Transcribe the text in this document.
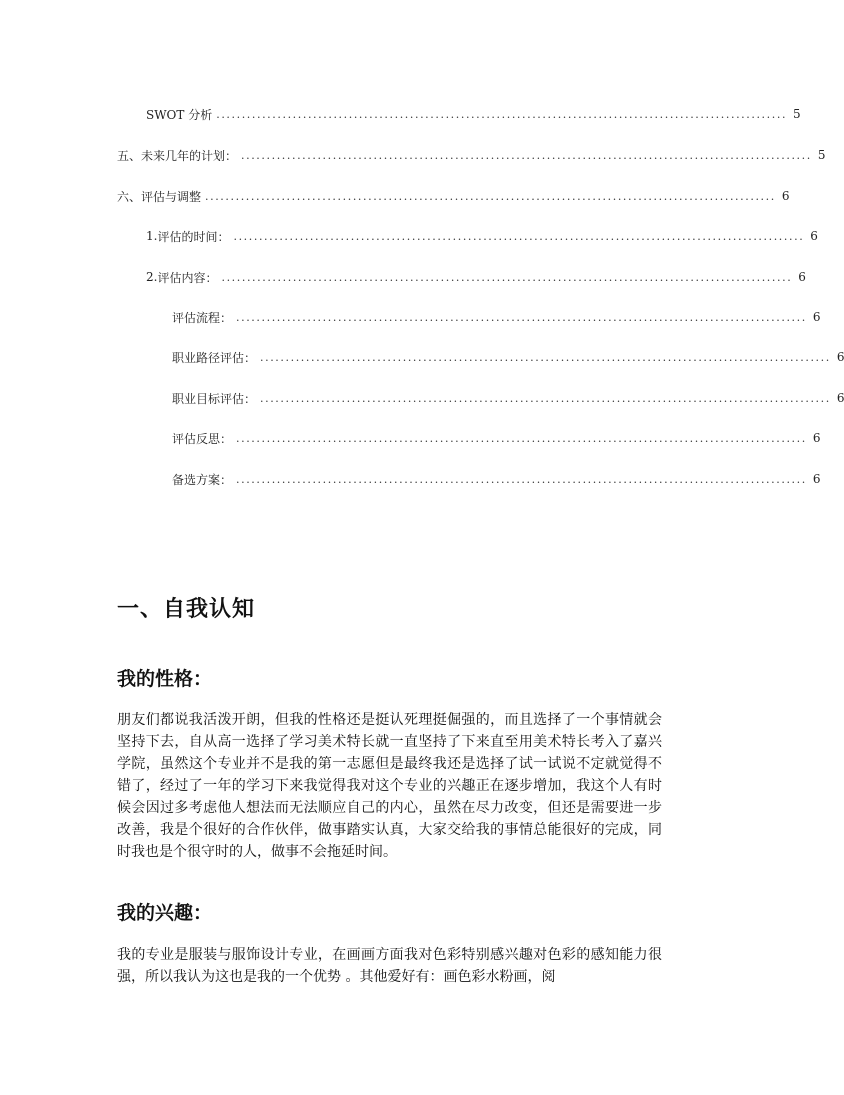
SWOT 分析 ................................................................................................................ 5
五、未来几年的计划： ................................................................................................................ 5
六、评估与调整 ................................................................................................................ 6
1. 评估的时间： ................................................................................................................ 6
2. 评估内容： ................................................................................................................ 6
评估流程： ................................................................................................................ 6
职业路径评估： ................................................................................................................ 6
职业目标评估： ................................................................................................................ 6
评估反思： ................................................................................................................ 6
备选方案： ................................................................................................................ 6
一、自我认知
我的性格：

朋友们都说我活泼开朗，但我的性格还是挺认死理挺倔强的，而且选择了一个事情就会坚持下去，自从高一选择了学习美术特长就一直坚持了下来直至用美术特长考入了嘉兴学院，虽然这个专业并不是我的第一志愿但是最终我还是选择了试一试说不定就觉得不错了，经过了一年的学习下来我觉得我对这个专业的兴趣正在逐步增加，我这个人有时候会因过多考虑他人想法而无法顺应自己的内心，虽然在尽力改变，但还是需要进一步改善，我是个很好的合作伙伴，做事踏实认真，大家交给我的事情总能很好的完成，同时我也是个很守时的人，做事不会拖延时间。

我的兴趣：

我的专业是服装与服饰设计专业，在画画方面我对色彩特别感兴趣对色彩的感知能力很强，所以我认为这也是我的一个优势 。其他爱好有：画色彩水粉画，阅
